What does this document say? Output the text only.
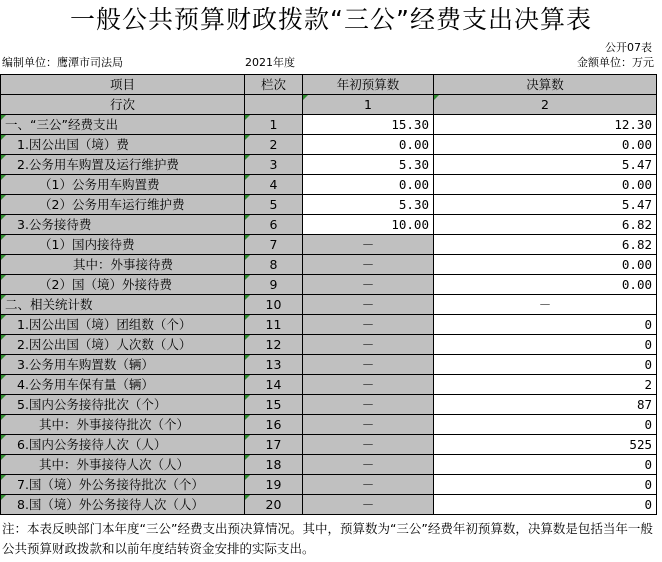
一般公共预算财政拨款“三公”经费支出决算表
公开07表
编制单位：鹰潭市司法局	2021年度	金额单位：万元
项目	栏次	年初预算数	决算数
行次		1	2
一、“三公”经费支出	1	15.30	12.30
1.因公出国（境）费	2	0.00	0.00
2.公务用车购置及运行维护费	3	5.30	5.47
（1）公务用车购置费	4	0.00	0.00
（2）公务用车运行维护费	5	5.30	5.47
3.公务接待费	6	10.00	6.82
（1）国内接待费	7	－	6.82
其中：外事接待费	8	－	0.00
（2）国（境）外接待费	9	－	0.00
二、相关统计数	10	－	－
1.因公出国（境）团组数（个）	11	－	0
2.因公出国（境）人次数（人）	12	－	0
3.公务用车购置数（辆）	13	－	0
4.公务用车保有量（辆）	14	－	2
5.国内公务接待批次（个）	15	－	87
其中：外事接待批次（个）	16	－	0
6.国内公务接待人次（人）	17	－	525
其中：外事接待人次（人）	18	－	0
7.国（境）外公务接待批次（个）	19	－	0
8.国（境）外公务接待人次（人）	20	－	0
注：本表反映部门本年度“三公”经费支出预决算情况。其中，预算数为“三公”经费年初预算数，决算数是包括当年一般公共预算财政拨款和以前年度结转资金安排的实际支出。
